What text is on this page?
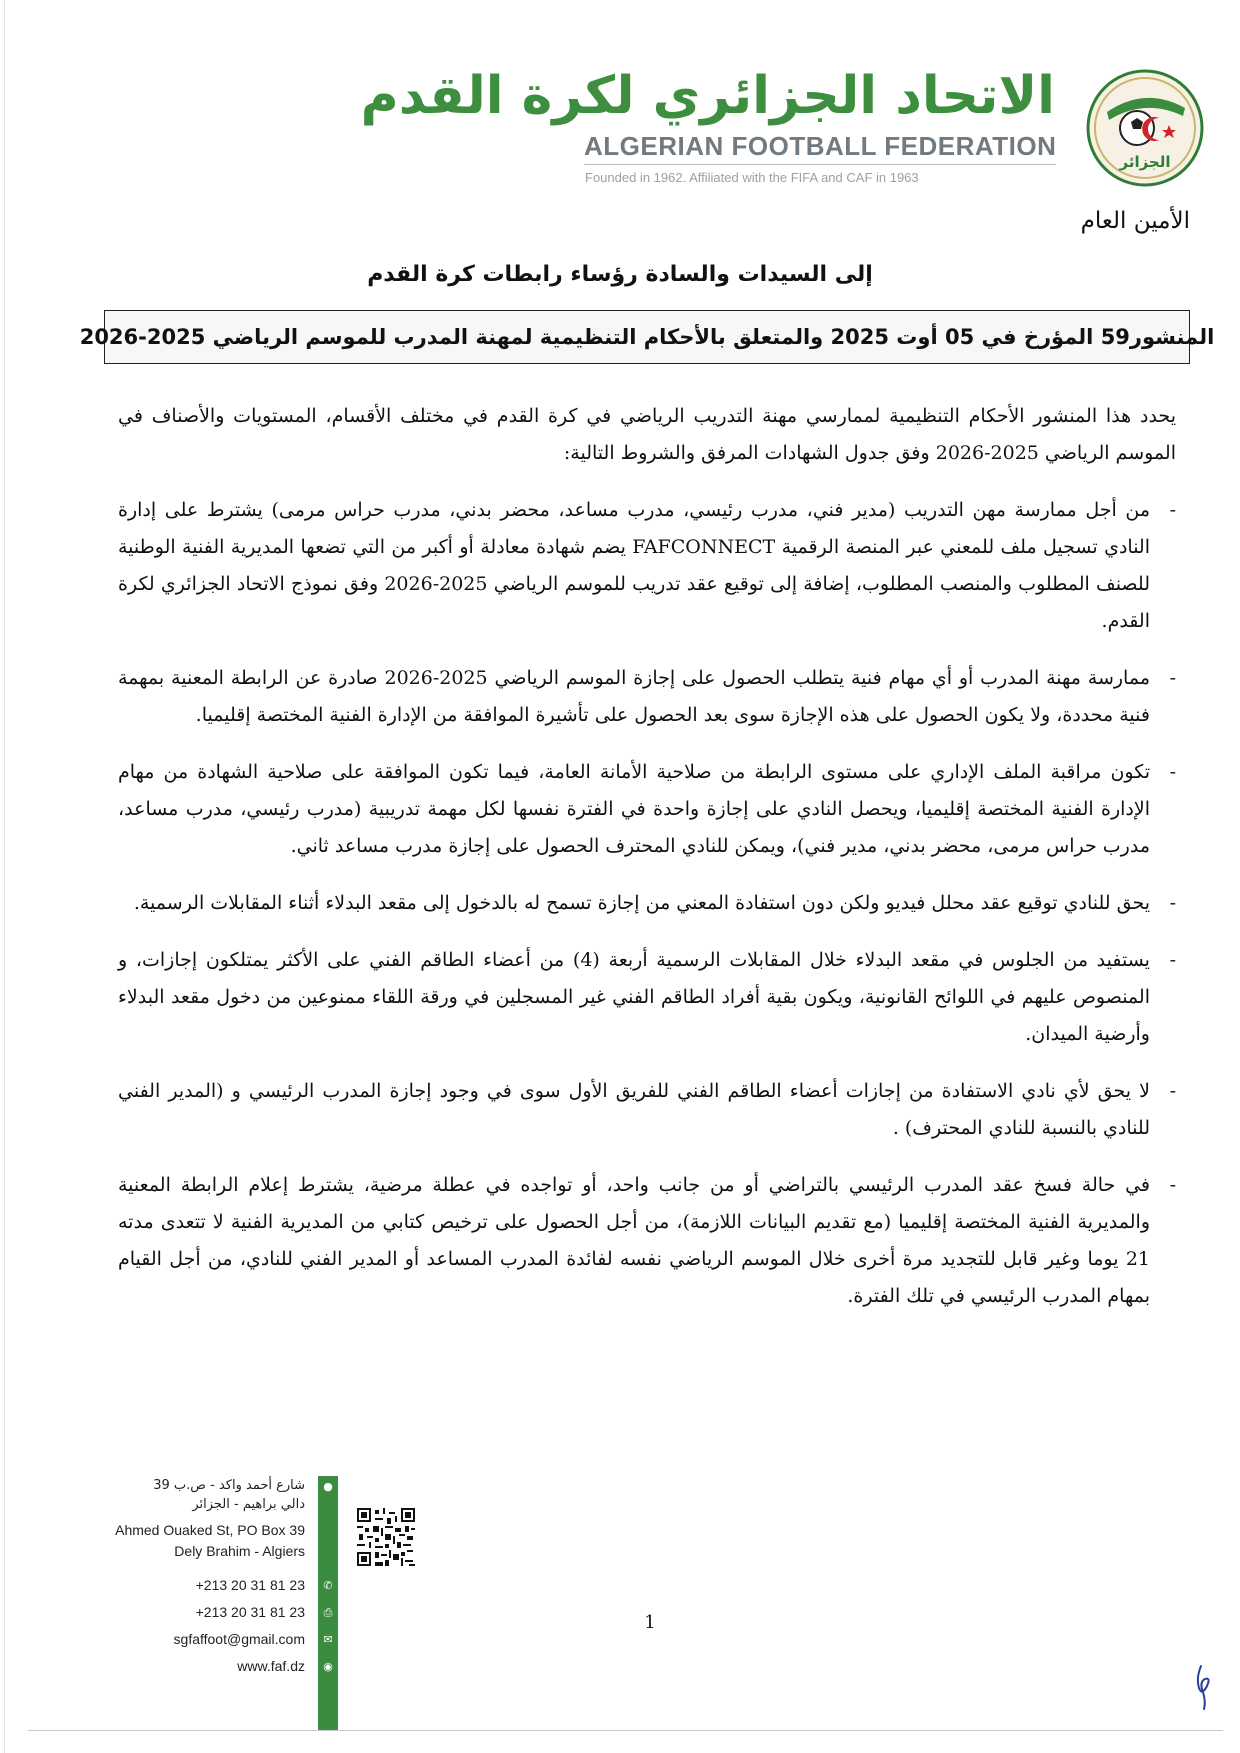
الجزائر
الاتحاد الجزائري لكرة القدم
ALGERIAN FOOTBALL FEDERATION
Founded in 1962. Affiliated with the FIFA and CAF in 1963
الأمين العام
إلى السيدات والسادة رؤساء رابطات كرة القدم
المنشور59 المؤرخ في 05 أوت 2025 والمتعلق بالأحكام التنظيمية لمهنة المدرب للموسم الرياضي 2025-2026

يحدد هذا المنشور الأحكام التنظيمية لممارسي مهنة التدريب الرياضي في كرة القدم في مختلف الأقسام، المستويات والأصناف في الموسم الرياضي 2025-2026 وفق جدول الشهادات المرفق والشروط التالية:

-
من أجل ممارسة مهن التدريب (مدير فني، مدرب رئيسي، مدرب مساعد، محضر بدني، مدرب حراس مرمى) يشترط على إدارة النادي تسجيل ملف للمعني عبر المنصة الرقمية FAFCONNECT يضم شهادة معادلة أو أكبر من التي تضعها المديرية الفنية الوطنية للصنف المطلوب والمنصب المطلوب، إضافة إلى توقيع عقد تدريب للموسم الرياضي 2025-2026 وفق نموذج الاتحاد الجزائري لكرة القدم.
-
ممارسة مهنة المدرب أو أي مهام فنية يتطلب الحصول على إجازة الموسم الرياضي 2025-2026 صادرة عن الرابطة المعنية بمهمة فنية محددة، ولا يكون الحصول على هذه الإجازة سوى بعد الحصول على تأشيرة الموافقة من الإدارة الفنية المختصة إقليميا.
-
تكون مراقبة الملف الإداري على مستوى الرابطة من صلاحية الأمانة العامة، فيما تكون الموافقة على صلاحية الشهادة من مهام الإدارة الفنية المختصة إقليميا، ويحصل النادي على إجازة واحدة في الفترة نفسها لكل مهمة تدريبية (مدرب رئيسي، مدرب مساعد، مدرب حراس مرمى، محضر بدني، مدير فني)، ويمكن للنادي المحترف الحصول على إجازة مدرب مساعد ثاني.
-
يحق للنادي توقيع عقد محلل فيديو ولكن دون استفادة المعني من إجازة تسمح له بالدخول إلى مقعد البدلاء أثناء المقابلات الرسمية.
-
يستفيد من الجلوس في مقعد البدلاء خلال المقابلات الرسمية أربعة (4) من أعضاء الطاقم الفني على الأكثر يمتلكون إجازات، و المنصوص عليهم في اللوائح القانونية، ويكون بقية أفراد الطاقم الفني غير المسجلين في ورقة اللقاء ممنوعين من دخول مقعد البدلاء وأرضية الميدان.
-
لا يحق لأي نادي الاستفادة من إجازات أعضاء الطاقم الفني للفريق الأول سوى في وجود إجازة المدرب الرئيسي و (المدير الفني للنادي بالنسبة للنادي المحترف) .
-
في حالة فسخ عقد المدرب الرئيسي بالتراضي أو من جانب واحد، أو تواجده في عطلة مرضية، يشترط إعلام الرابطة المعنية والمديرية الفنية المختصة إقليميا (مع تقديم البيانات اللازمة)، من أجل الحصول على ترخيص كتابي من المديرية الفنية لا تتعدى مدته 21 يوما وغير قابل للتجديد مرة أخرى خلال الموسم الرياضي نفسه لفائدة المدرب المساعد أو المدير الفني للنادي، من أجل القيام بمهام المدرب الرئيسي في تلك الفترة.
●
شارع أحمد واكد - ص.ب 39
دالي براهيم - الجزائر
Ahmed Ouaked St, PO Box 39
Dely Brahim - Algiers
✆
+213 20 31 81 23
⎙
+213 20 31 81 23
✉
sgfaffoot@gmail.com
◉
www.faf.dz
1
